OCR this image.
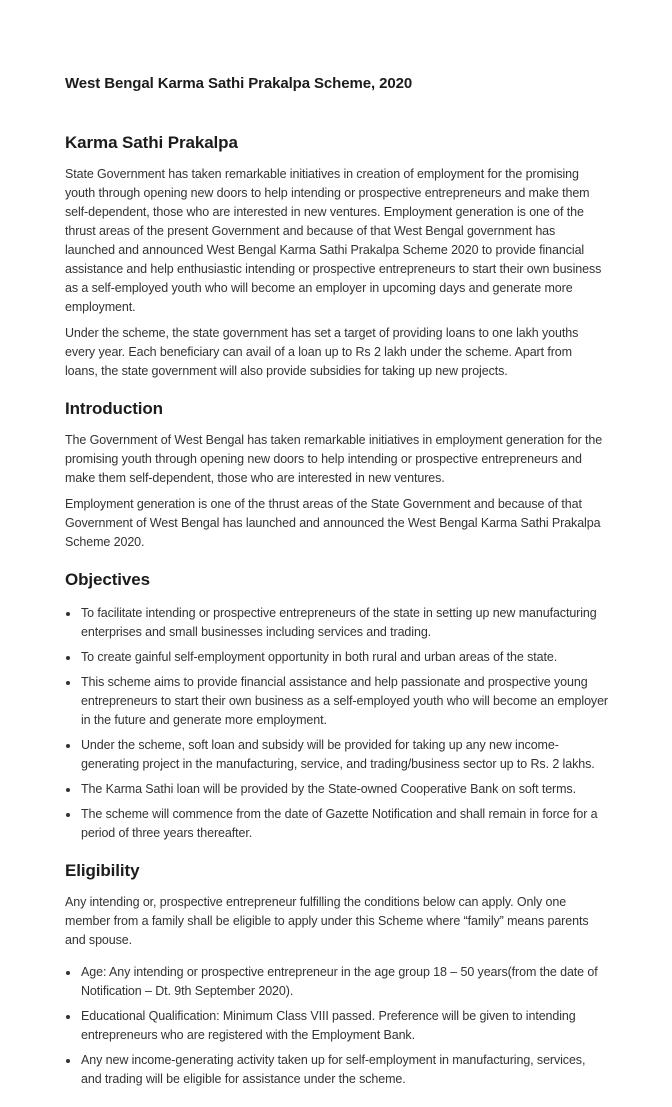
West Bengal Karma Sathi Prakalpa Scheme, 2020
Karma Sathi Prakalpa

State Government has taken remarkable initiatives in creation of employment for the promising youth through opening new doors to help intending or prospective entrepreneurs and make them self-dependent, those who are interested in new ventures. Employment generation is one of the thrust areas of the present Government and because of that West Bengal government has launched and announced West Bengal Karma Sathi Prakalpa Scheme 2020 to provide financial assistance and help enthusiastic intending or prospective entrepreneurs to start their own business as a self-employed youth who will become an employer in upcoming days and generate more employment.

Under the scheme, the state government has set a target of providing loans to one lakh youths every year. Each beneficiary can avail of a loan up to Rs 2 lakh under the scheme. Apart from loans, the state government will also provide subsidies for taking up new projects.

Introduction

The Government of West Bengal has taken remarkable initiatives in employment generation for the promising youth through opening new doors to help intending or prospective entrepreneurs and make them self-dependent, those who are interested in new ventures.

Employment generation is one of the thrust areas of the State Government and because of that Government of West Bengal has launched and announced the West Bengal Karma Sathi Prakalpa Scheme 2020.

Objectives
• To facilitate intending or prospective entrepreneurs of the state in setting up new manufacturing enterprises and small businesses including services and trading.
• To create gainful self-employment opportunity in both rural and urban areas of the state.
• This scheme aims to provide financial assistance and help passionate and prospective young entrepreneurs to start their own business as a self-employed youth who will become an employer in the future and generate more employment.
• Under the scheme, soft loan and subsidy will be provided for taking up any new income-generating project in the manufacturing, service, and trading/business sector up to Rs. 2 lakhs.
• The Karma Sathi loan will be provided by the State-owned Cooperative Bank on soft terms.
• The scheme will commence from the date of Gazette Notification and shall remain in force for a period of three years thereafter.
Eligibility

Any intending or, prospective entrepreneur fulfilling the conditions below can apply. Only one member from a family shall be eligible to apply under this Scheme where “family” means parents and spouse.

• Age: Any intending or prospective entrepreneur in the age group 18 – 50 years(from the date of Notification – Dt. 9th September 2020).
• Educational Qualification: Minimum Class VIII passed. Preference will be given to intending entrepreneurs who are registered with the Employment Bank.
• Any new income-generating activity taken up for self-employment in manufacturing, services, and trading will be eligible for assistance under the scheme.
